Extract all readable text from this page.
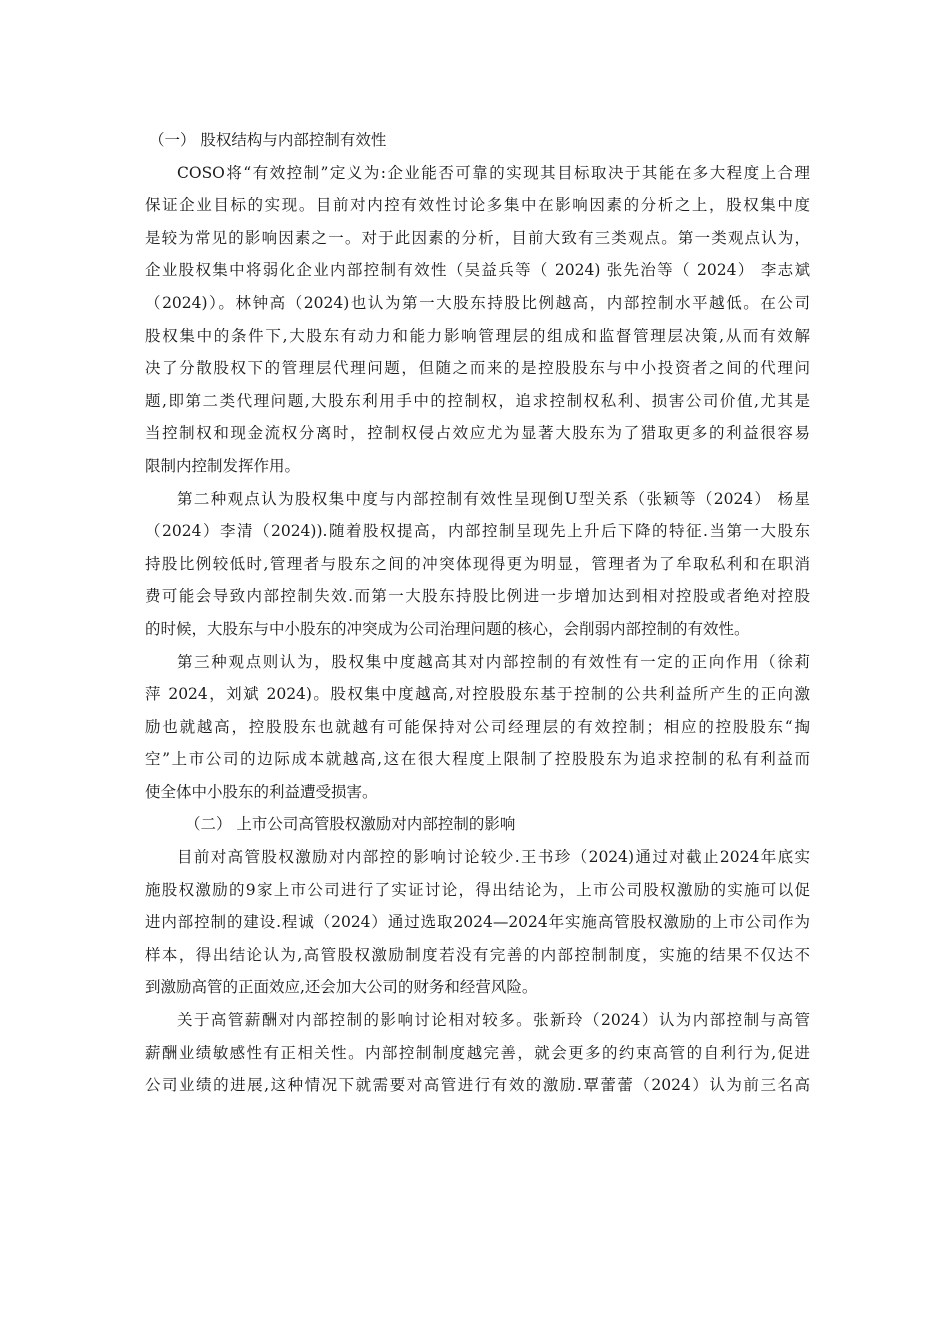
（一） 股权结构与内部控制有效性
COSO将“有效控制”定义为:企业能否可靠的实现其目标取决于其能在多大程度上合理
保证企业目标的实现。目前对内控有效性讨论多集中在影响因素的分析之上，股权集中度
是较为常见的影响因素之一。对于此因素的分析，目前大致有三类观点。第一类观点认为，
企业股权集中将弱化企业内部控制有效性（吴益兵等（ 2024) 张先治等（ 2024） 李志斌
（2024)）。林钟高（2024)也认为第一大股东持股比例越高，内部控制水平越低。在公司
股权集中的条件下,大股东有动力和能力影响管理层的组成和监督管理层决策,从而有效解
决了分散股权下的管理层代理问题，但随之而来的是控股股东与中小投资者之间的代理问
题,即第二类代理问题,大股东利用手中的控制权，追求控制权私利、损害公司价值,尤其是
当控制权和现金流权分离时，控制权侵占效应尤为显著大股东为了猎取更多的利益很容易
限制内控制发挥作用。
第二种观点认为股权集中度与内部控制有效性呈现倒U型关系（张颖等（2024） 杨星
（2024）李清（2024)).随着股权提高，内部控制呈现先上升后下降的特征.当第一大股东
持股比例较低时,管理者与股东之间的冲突体现得更为明显，管理者为了牟取私利和在职消
费可能会导致内部控制失效.而第一大股东持股比例进一步增加达到相对控股或者绝对控股
的时候，大股东与中小股东的冲突成为公司治理问题的核心，会削弱内部控制的有效性。
第三种观点则认为，股权集中度越高其对内部控制的有效性有一定的正向作用（徐莉
萍 2024，刘斌 2024)。股权集中度越高,对控股股东基于控制的公共利益所产生的正向激
励也就越高，控股股东也就越有可能保持对公司经理层的有效控制；相应的控股股东“掏
空”上市公司的边际成本就越高,这在很大程度上限制了控股股东为追求控制的私有利益而
使全体中小股东的利益遭受损害。
（二） 上市公司高管股权激励对内部控制的影响
目前对高管股权激励对内部控的影响讨论较少.王书珍（2024)通过对截止2024年底实
施股权激励的9家上市公司进行了实证讨论，得出结论为，上市公司股权激励的实施可以促
进内部控制的建设.程诚（2024）通过选取2024—2024年实施高管股权激励的上市公司作为
样本，得出结论认为,高管股权激励制度若没有完善的内部控制制度，实施的结果不仅达不
到激励高管的正面效应,还会加大公司的财务和经营风险。
关于高管薪酬对内部控制的影响讨论相对较多。张新玲（2024）认为内部控制与高管
薪酬业绩敏感性有正相关性。内部控制制度越完善，就会更多的约束高管的自利行为,促进
公司业绩的进展,这种情况下就需要对高管进行有效的激励.覃蕾蕾（2024）认为前三名高
